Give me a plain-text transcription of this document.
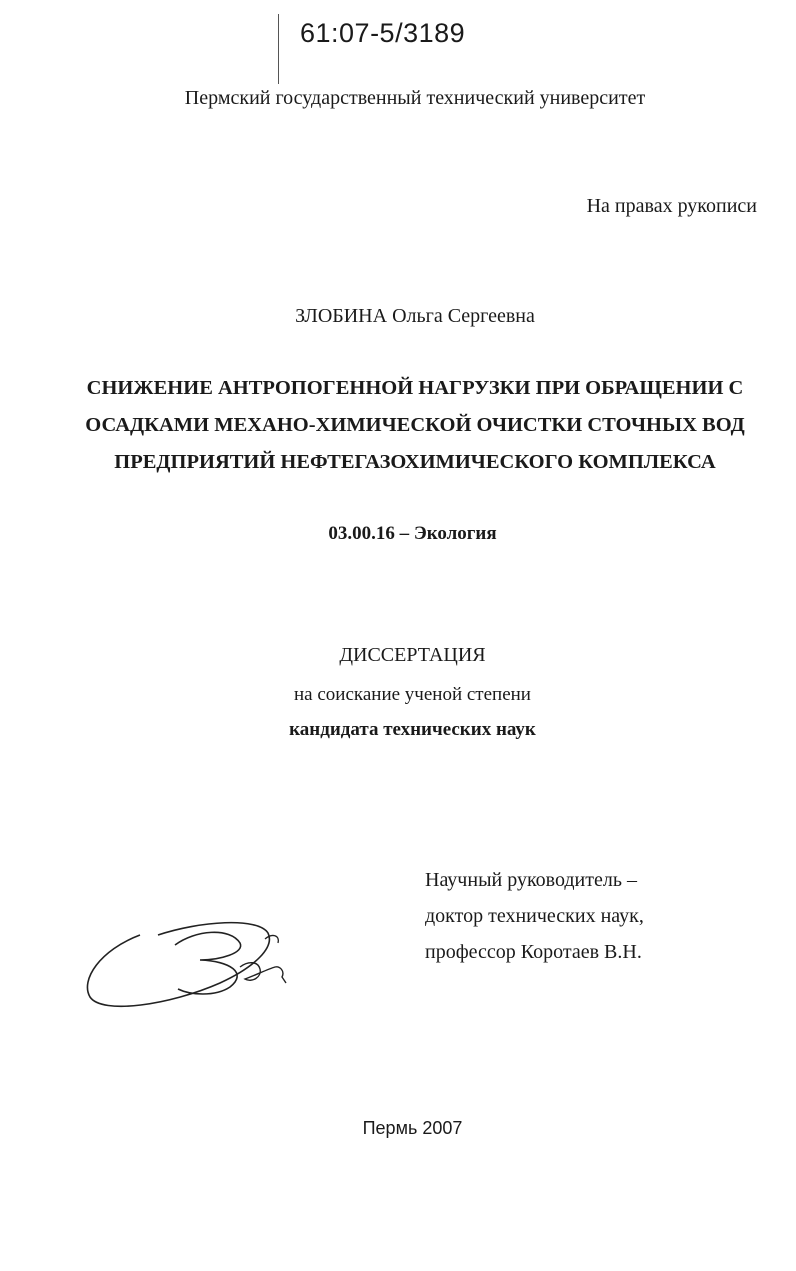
61:07-5/3189
Пермский государственный технический университет
На правах рукописи
ЗЛОБИНА Ольга Сергеевна
СНИЖЕНИЕ АНТРОПОГЕННОЙ НАГРУЗКИ ПРИ ОБРАЩЕНИИ С
ОСАДКАМИ МЕХАНО-ХИМИЧЕСКОЙ ОЧИСТКИ СТОЧНЫХ ВОД
ПРЕДПРИЯТИЙ НЕФТЕГАЗОХИМИЧЕСКОГО КОМПЛЕКСА
03.00.16 – Экология
ДИССЕРТАЦИЯ
на соискание ученой степени
кандидата технических наук
Научный руководитель –
доктор технических наук,
профессор Коротаев В.Н.
Пермь 2007
